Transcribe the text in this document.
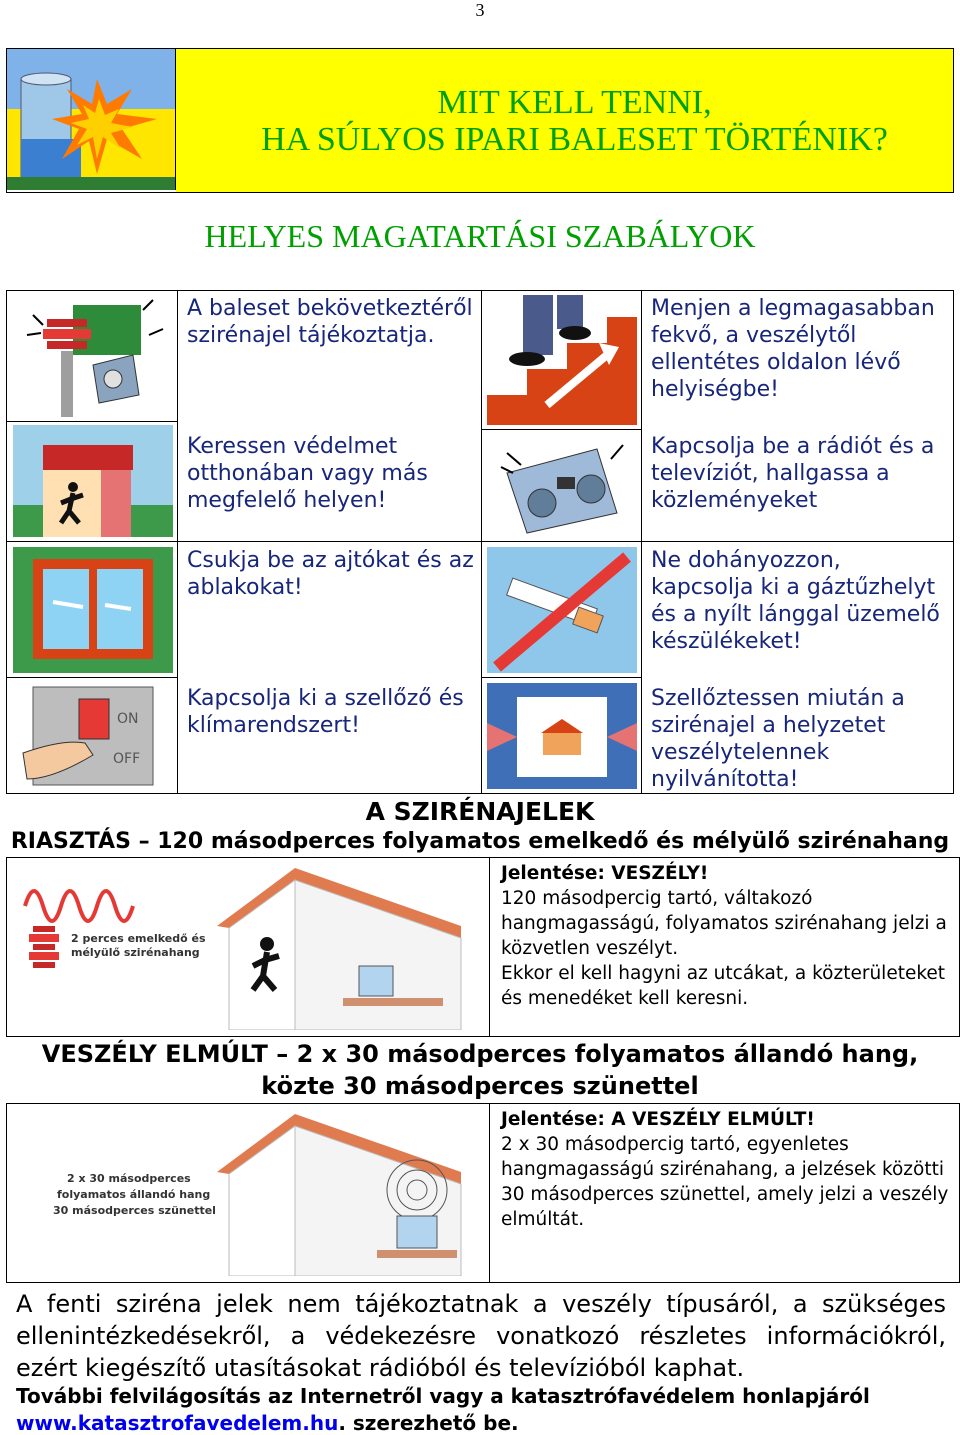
3
MIT KELL TENNI,
HA SÚLYOS IPARI BALESET TÖRTÉNIK?
HELYES MAGATARTÁSI SZABÁLYOK
ON
OFF
A baleset bekövetkeztéről szirénajel tájékoztatja.
Keressen védelmet otthonában vagy más megfelelő helyen!
Csukja be az ajtókat és az ablakokat!
Kapcsolja ki a szellőző és klímarendszert!
Menjen a legmagasabban fekvő, a veszélytől ellentétes oldalon lévő helyiségbe!
Kapcsolja be a rádiót és a televíziót, hallgassa a közleményeket
Ne dohányozzon, kapcsolja ki a gáztűzhelyt és a nyílt lánggal üzemelő készülékeket!
Szellőztessen miután a szirénajel a helyzetet veszélytelennek nyilvánította!
A SZIRÉNAJELEK
RIASZTÁS – 120 másodperces folyamatos emelkedő és mélyülő szirénahang
2 perces emelkedő és
mélyülő szirénahang
Jelentése: VESZÉLY!
120 másodpercig tartó, váltakozó hangmagasságú, folyamatos szirénahang jelzi a közvetlen veszélyt.
Ekkor el kell hagyni az utcákat, a közterületeket és menedéket kell keresni.
VESZÉLY ELMÚLT – 2 x 30 másodperces folyamatos állandó hang,
közte 30 másodperces szünettel
2 x 30 másodperces
folyamatos állandó hang
30 másodperces szünettel
Jelentése: A VESZÉLY ELMÚLT!
2 x 30 másodpercig tartó, egyenletes hangmagasságú szirénahang, a jelzések közötti 30 másodperces szünettel, amely jelzi a veszély elmúltát.
A fenti sziréna jelek nem tájékoztatnak a veszély típusáról, a szükséges ellenintézkedésekről, a védekezésre vonatkozó részletes információkról, ezért kiegészítő utasításokat rádióból és televízióból kaphat.
További felvilágosítás az Internetről vagy a katasztrófavédelem honlapjáról
www.katasztrofavedelem.hu. szerezhető be.
